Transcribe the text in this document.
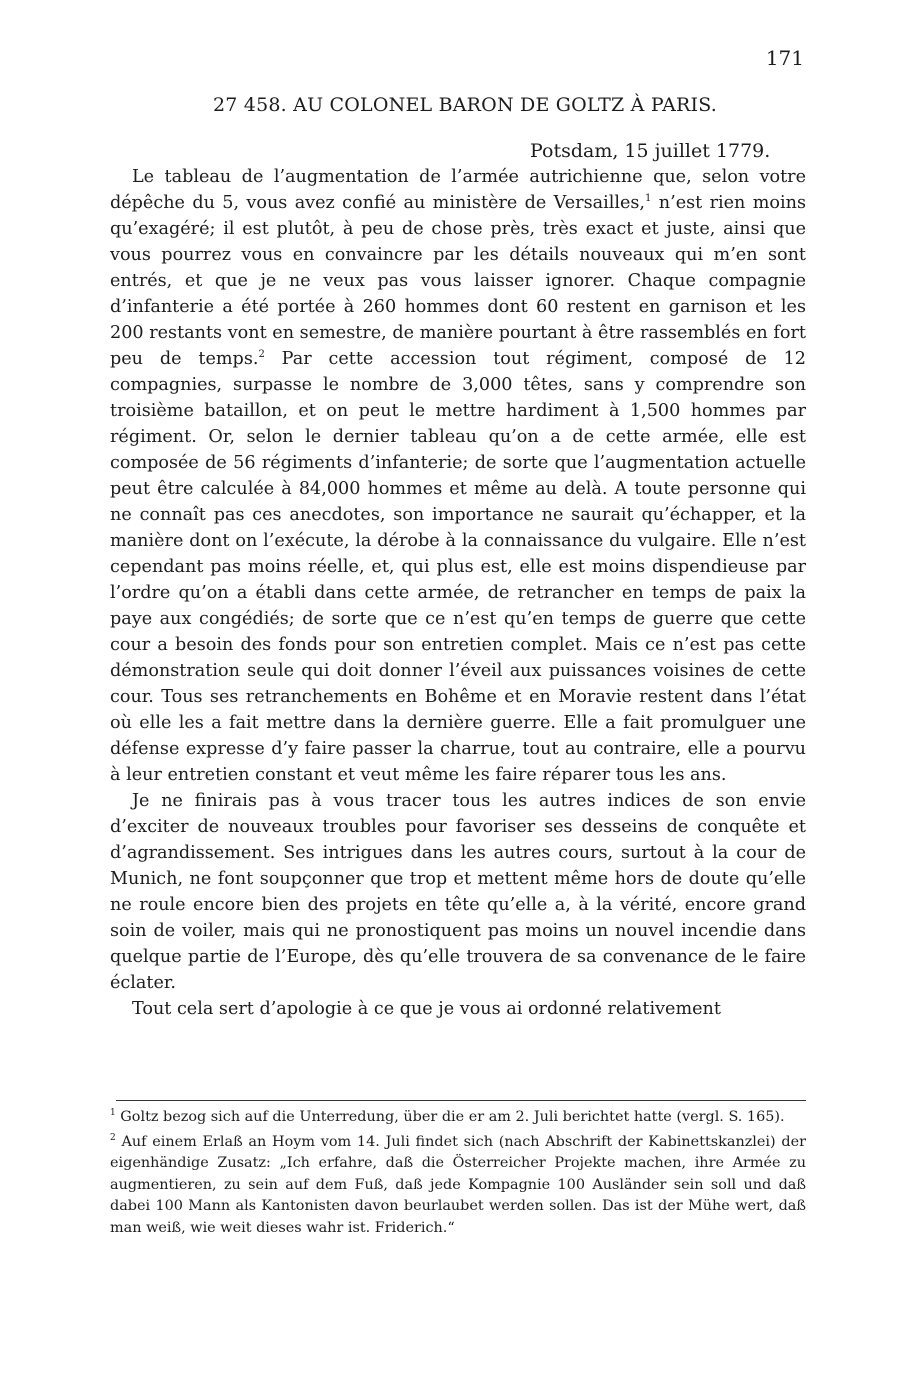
171
27 458. AU COLONEL BARON DE GOLTZ À PARIS.
Potsdam, 15 juillet 1779.

Le tableau de l’augmentation de l’armée autrichienne que, selon votre dépêche du 5, vous avez confié au ministère de Versailles,$^1$ n’est rien moins qu’exagéré; il est plutôt, à peu de chose près, très exact et juste, ainsi que vous pourrez vous en convaincre par les détails nouveaux qui m’en sont entrés, et que je ne veux pas vous laisser ignorer. Chaque compagnie d’infanterie a été portée à 260 hommes dont 60 restent en garnison et les 200 restants vont en semestre, de manière pourtant à être rassemblés en fort peu de temps.$^2$ Par cette accession tout régiment, composé de 12 compagnies, surpasse le nombre de 3,000 têtes, sans y comprendre son troisième bataillon, et on peut le mettre hardiment à 1,500 hommes par régiment. Or, selon le dernier tableau qu’on a de cette armée, elle est composée de 56 régiments d’infanterie; de sorte que l’augmentation actuelle peut être calculée à 84,000 hommes et même au delà. A toute personne qui ne connaît pas ces anecdotes, son importance ne saurait qu’échapper, et la manière dont on l’exécute, la dérobe à la connaissance du vulgaire. Elle n’est cependant pas moins réelle, et, qui plus est, elle est moins dispendieuse par l’ordre qu’on a établi dans cette armée, de retrancher en temps de paix la paye aux congédiés; de sorte que ce n’est qu’en temps de guerre que cette cour a besoin des fonds pour son entretien complet. Mais ce n’est pas cette démonstration seule qui doit donner l’éveil aux puissances voisines de cette cour. Tous ses retranchements en Bohême et en Moravie restent dans l’état où elle les a fait mettre dans la dernière guerre. Elle a fait promulguer une défense expresse d’y faire passer la charrue, tout au contraire, elle a pourvu à leur entretien constant et veut même les faire réparer tous les ans.

Je ne finirais pas à vous tracer tous les autres indices de son envie d’exciter de nouveaux troubles pour favoriser ses desseins de conquête et d’agrandissement. Ses intrigues dans les autres cours, surtout à la cour de Munich, ne font soupçonner que trop et mettent même hors de doute qu’elle ne roule encore bien des projets en tête qu’elle a, à la vérité, encore grand soin de voiler, mais qui ne pronostiquent pas moins un nouvel incendie dans quelque partie de l’Europe, dès qu’elle trouvera de sa convenance de le faire éclater.

Tout cela sert d’apologie à ce que je vous ai ordonné relativement

$^1$ Goltz bezog sich auf die Unterredung, über die er am 2. Juli berichtet hatte (vergl. S. 165).

$^2$ Auf einem Erlaß an Hoym vom 14. Juli findet sich (nach Abschrift der Kabinettskanzlei) der eigenhändige Zusatz: „Ich erfahre, daß die Österreicher Projekte machen, ihre Armée zu augmentieren, zu sein auf dem Fuß, daß jede Kompagnie 100 Ausländer sein soll und daß dabei 100 Mann als Kantonisten davon beurlaubet werden sollen. Das ist der Mühe wert, daß man weiß, wie weit dieses wahr ist. Friderich.“
